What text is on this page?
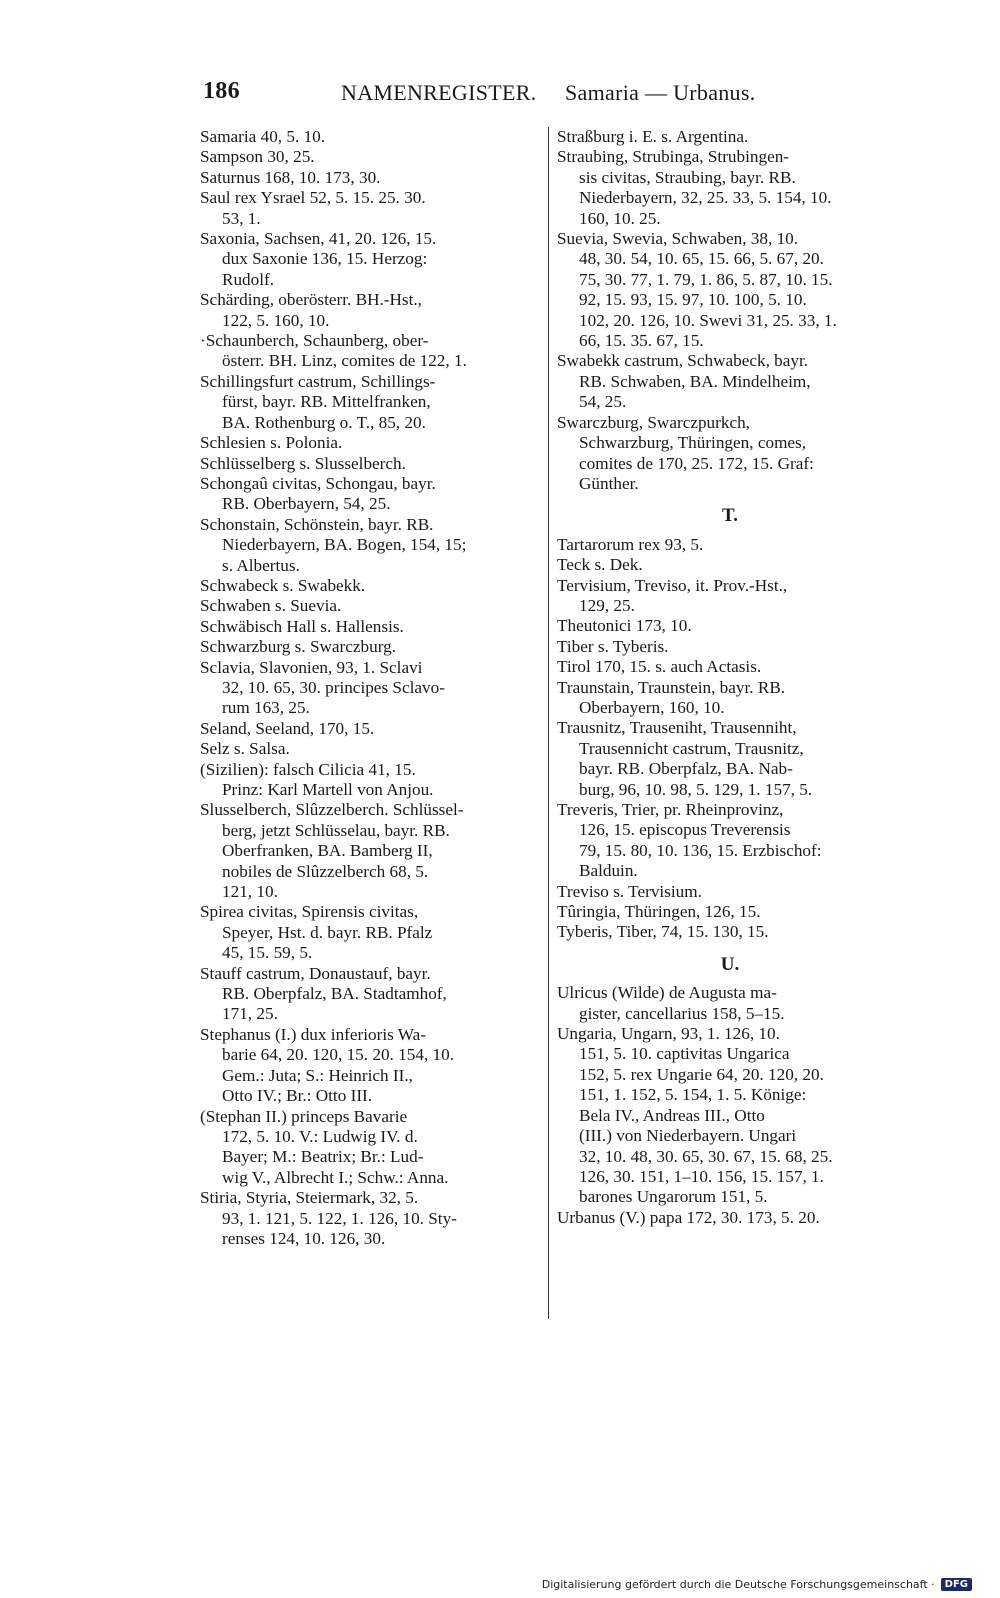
186	NAMENREGISTER. Samaria — Urbanus.
Samaria 40, 5. 10.
Sampson 30, 25.
Saturnus 168, 10. 173, 30.
Saul rex Ysrael 52, 5. 15. 25. 30.
53, 1.
Saxonia, Sachsen, 41, 20. 126, 15.
dux Saxonie 136, 15. Herzog:
Rudolf.
Schärding, oberösterr. BH.-Hst.,
122, 5. 160, 10.
·Schaunberch, Schaunberg, ober-
österr. BH. Linz, comites de 122, 1.
Schillingsfurt castrum, Schillings-
fürst, bayr. RB. Mittelfranken,
BA. Rothenburg o. T., 85, 20.
Schlesien s. Polonia.
Schlüsselberg s. Slusselberch.
Schongaû civitas, Schongau, bayr.
RB. Oberbayern, 54, 25.
Schonstain, Schönstein, bayr. RB.
Niederbayern, BA. Bogen, 154, 15;
s. Albertus.
Schwabeck s. Swabekk.
Schwaben s. Suevia.
Schwäbisch Hall s. Hallensis.
Schwarzburg s. Swarczburg.
Sclavia, Slavonien, 93, 1. Sclavi
32, 10. 65, 30. principes Sclavo-
rum 163, 25.
Seland, Seeland, 170, 15.
Selz s. Salsa.
(Sizilien): falsch Cilicia 41, 15.
Prinz: Karl Martell von Anjou.
Slusselberch, Slûzzelberch. Schlüssel-
berg, jetzt Schlüsselau, bayr. RB.
Oberfranken, BA. Bamberg II,
nobiles de Slûzzelberch 68, 5.
121, 10.
Spirea civitas, Spirensis civitas,
Speyer, Hst. d. bayr. RB. Pfalz
45, 15. 59, 5.
Stauff castrum, Donaustauf, bayr.
RB. Oberpfalz, BA. Stadtamhof,
171, 25.
Stephanus (I.) dux inferioris Wa-
barie 64, 20. 120, 15. 20. 154, 10.
Gem.: Juta; S.: Heinrich II.,
Otto IV.; Br.: Otto III.
(Stephan II.) princeps Bavarie
172, 5. 10. V.: Ludwig IV. d.
Bayer; M.: Beatrix; Br.: Lud-
wig V., Albrecht I.; Schw.: Anna.
Stiria, Styria, Steiermark, 32, 5.
93, 1. 121, 5. 122, 1. 126, 10. Sty-
renses 124, 10. 126, 30.
Straßburg i. E. s. Argentina.
Straubing, Strubinga, Strubingen-
sis civitas, Straubing, bayr. RB.
Niederbayern, 32, 25. 33, 5. 154, 10.
160, 10. 25.
Suevia, Swevia, Schwaben, 38, 10.
48, 30. 54, 10. 65, 15. 66, 5. 67, 20.
75, 30. 77, 1. 79, 1. 86, 5. 87, 10. 15.
92, 15. 93, 15. 97, 10. 100, 5. 10.
102, 20. 126, 10. Swevi 31, 25. 33, 1.
66, 15. 35. 67, 15.
Swabekk castrum, Schwabeck, bayr.
RB. Schwaben, BA. Mindelheim,
54, 25.
Swarczburg, Swarczpurkch,
Schwarzburg, Thüringen, comes,
comites de 170, 25. 172, 15. Graf:
Günther.
T.
Tartarorum rex 93, 5.
Teck s. Dek.
Tervisium, Treviso, it. Prov.-Hst.,
129, 25.
Theutonici 173, 10.
Tiber s. Tyberis.
Tirol 170, 15. s. auch Actasis.
Traunstain, Traunstein, bayr. RB.
Oberbayern, 160, 10.
Trausnitz, Trauseniht, Trausenniht,
Trausennicht castrum, Trausnitz,
bayr. RB. Oberpfalz, BA. Nab-
burg, 96, 10. 98, 5. 129, 1. 157, 5.
Treveris, Trier, pr. Rheinprovinz,
126, 15. episcopus Treverensis
79, 15. 80, 10. 136, 15. Erzbischof:
Balduin.
Treviso s. Tervisium.
Tûringia, Thüringen, 126, 15.
Tyberis, Tiber, 74, 15. 130, 15.
U.
Ulricus (Wilde) de Augusta ma-
gister, cancellarius 158, 5–15.
Ungaria, Ungarn, 93, 1. 126, 10.
151, 5. 10. captivitas Ungarica
152, 5. rex Ungarie 64, 20. 120, 20.
151, 1. 152, 5. 154, 1. 5. Könige:
Bela IV., Andreas III., Otto
(III.) von Niederbayern. Ungari
32, 10. 48, 30. 65, 30. 67, 15. 68, 25.
126, 30. 151, 1–10. 156, 15. 157, 1.
barones Ungarorum 151, 5.
Urbanus (V.) papa 172, 30. 173, 5. 20.
Digitalisierung gefördert durch die Deutsche Forschungsgemeinschaft ·	DFG
